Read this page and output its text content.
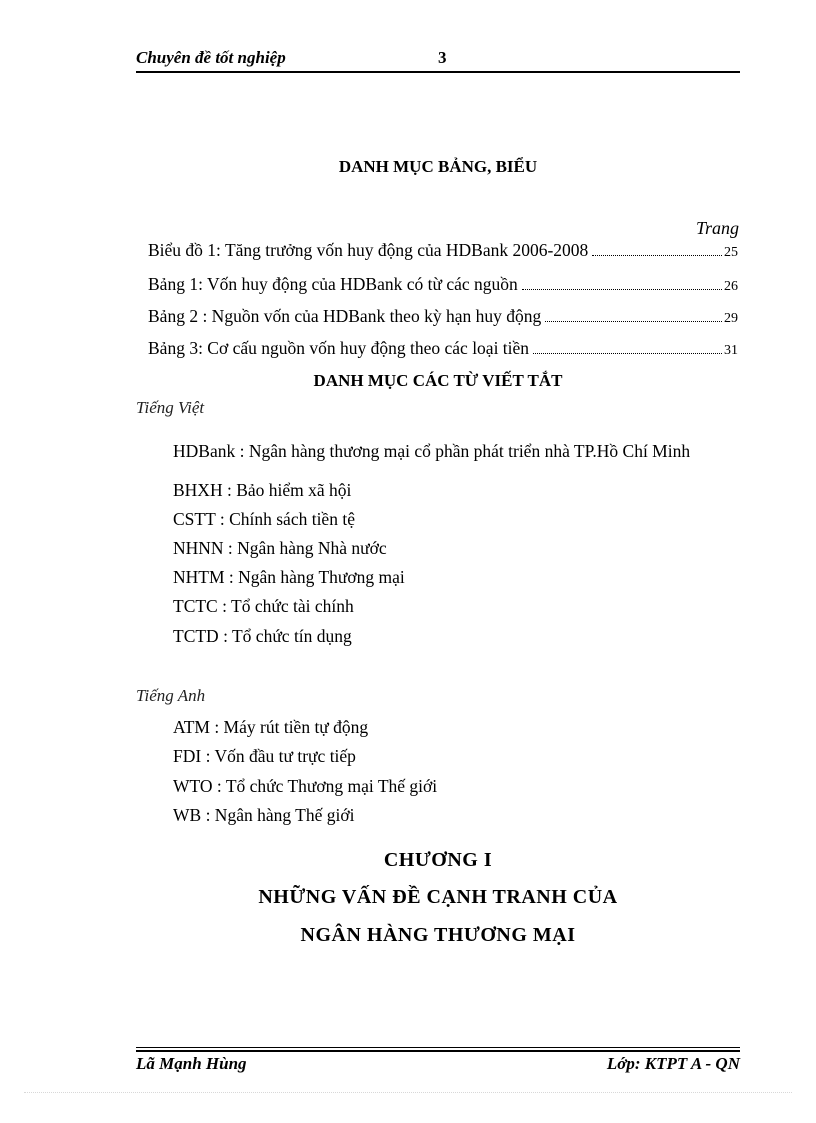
Chuyên đề tốt nghiệp	3
DANH MỤC BẢNG, BIỂU
Trang
Biểu đồ 1: Tăng trưởng vốn huy động của HDBank 2006-2008	25
Bảng 1: Vốn huy động của HDBank có từ các nguồn	26
Bảng 2 : Nguồn vốn của HDBank theo kỳ hạn huy động	29
Bảng 3: Cơ cấu nguồn vốn huy động theo các loại tiền	31
DANH MỤC CÁC TỪ VIẾT TẮT
Tiếng Việt
HDBank : Ngân hàng thương mại cổ phần phát triển nhà TP.Hồ Chí Minh
BHXH : Bảo hiểm xã hội
CSTT : Chính sách tiền tệ
NHNN : Ngân hàng Nhà nước
NHTM : Ngân hàng Thương mại
TCTC : Tổ chức tài chính
TCTD : Tổ chức tín dụng
Tiếng Anh
ATM : Máy rút tiền tự động
FDI : Vốn đầu tư trực tiếp
WTO : Tổ chức Thương mại Thế giới
WB : Ngân hàng Thế giới
CHƯƠNG I
NHỮNG VẤN ĐỀ CẠNH TRANH CỦA
NGÂN HÀNG THƯƠNG MẠI
Lã Mạnh Hùng	Lớp: KTPT A - QN
